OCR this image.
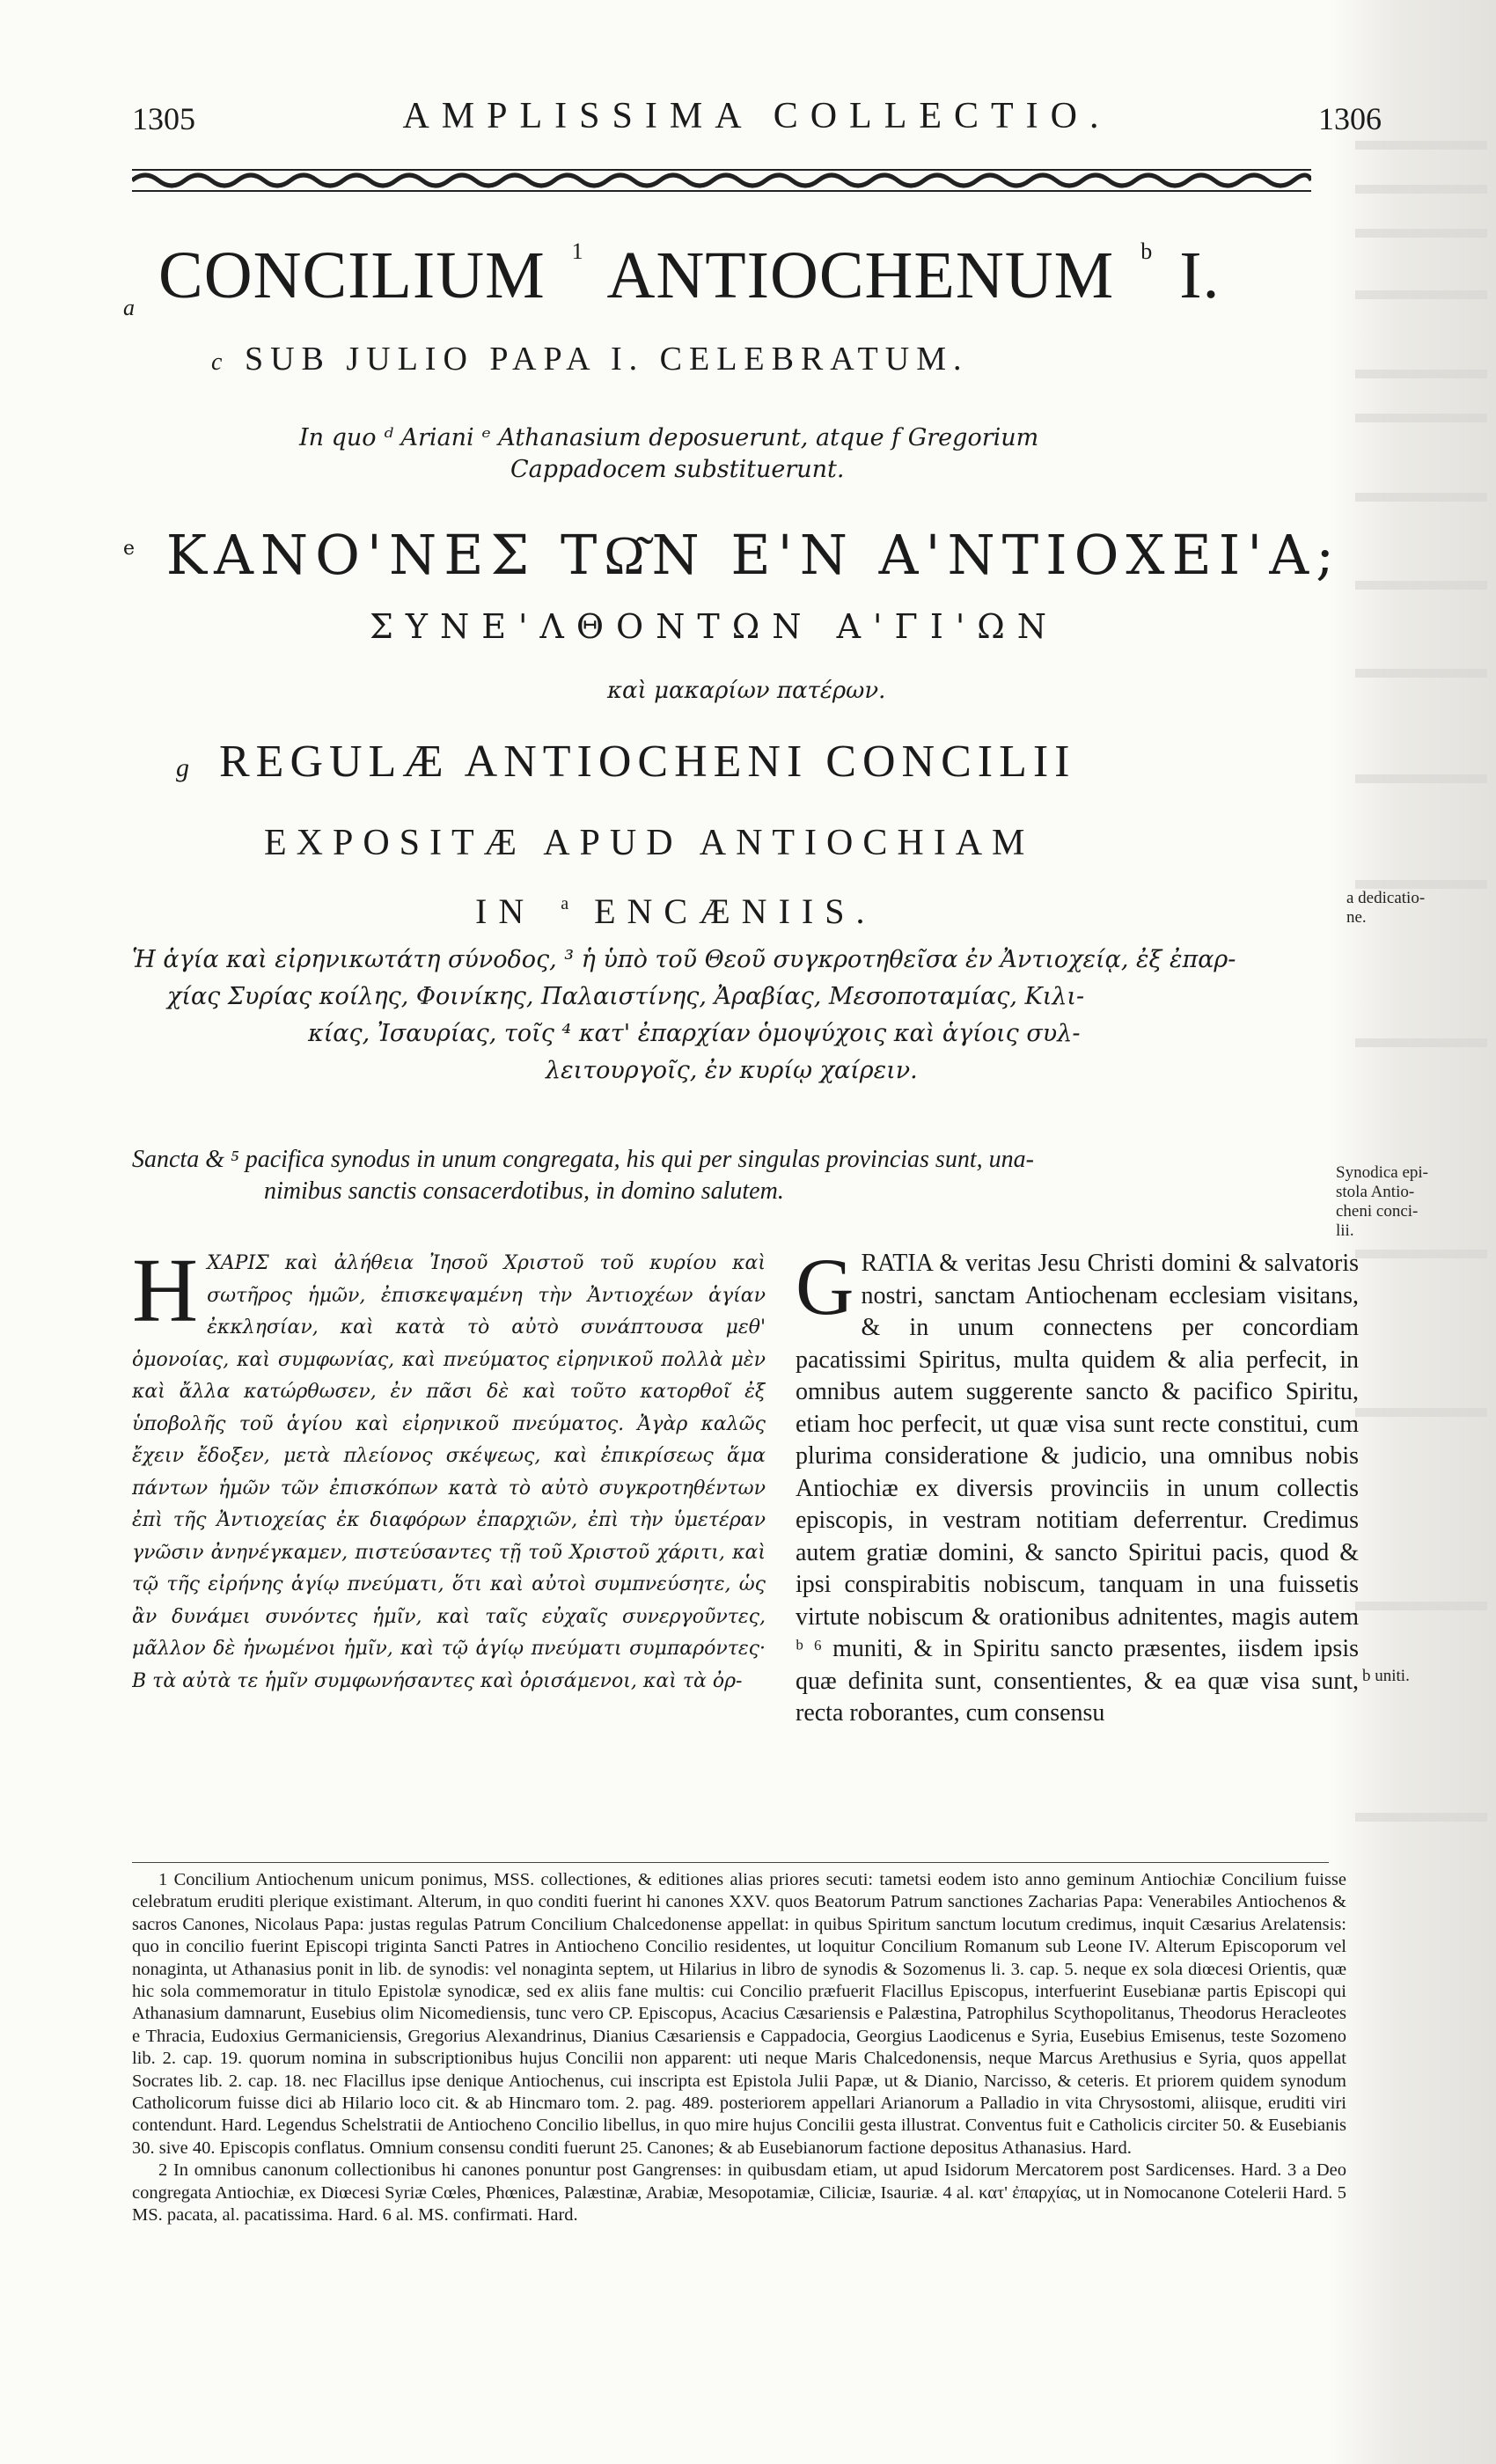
1305	AMPLISSIMA COLLECTIO.	1306
$_a$ CONCILIUM $^1$ ANTIOCHENUM $^b$ I.
c SUB JULIO PAPA I. CELEBRATUM.
In quo ᵈ Ariani ᵉ Athanasium deposuerunt, atque f Gregorium
Cappadocem substituerunt.
$^e$ ΚΑΝΟ'ΝΕΣ ΤΩ͂Ν Ε'Ν Α'ΝΤΙΟΧΕΙ'Α;
ΣΥΝΕ'ΛΘΟΝΤΩΝ Α'ΓΙ'ΩΝ
καὶ μακαρίων πατέρων.
g REGULÆ ANTIOCHENI CONCILII
EXPOSITÆ APUD ANTIOCHIAM
IN $^a$ ENCÆNIIS.	a dedicatio-
ne.
Synodica epi-
stola Antio-
cheni conci-
lii.
b uniti.

Ἡ ἁγία καὶ εἰρηνικωτάτη σύνοδος, ³ ἡ ὑπὸ τοῦ Θεοῦ συγκροτηθεῖσα ἐν Ἀντιοχείᾳ, ἐξ ἐπαρ-

χίας Συρίας κοίλης, Φοινίκης, Παλαιστίνης, Ἀραβίας, Μεσοποταμίας, Κιλι-

κίας, Ἰσαυρίας, τοῖς ⁴ κατ' ἐπαρχίαν ὁμοψύχοις καὶ ἁγίοις συλ-

λειτουργοῖς, ἐν κυρίῳ χαίρειν.

Sancta & ⁵ pacifica synodus in unum congregata, his qui per singulas provincias sunt, una-

nimibus sanctis consacerdotibus, in domino salutem.

H ΧΑΡΙΣ καὶ ἀλήθεια Ἰησοῦ Χριστοῦ τοῦ κυρίου καὶ σωτῆρος ἡμῶν, ἐπισκεψαμένη τὴν Ἀντιοχέων ἁγίαν ἐκκλησίαν, καὶ κατὰ τὸ αὐτὸ συνάπτουσα μεθ' ὁμονοίας, καὶ συμφωνίας, καὶ πνεύματος εἰρηνικοῦ πολλὰ μὲν καὶ ἄλλα κατώρθωσεν, ἐν πᾶσι δὲ καὶ τοῦτο κατορθοῖ ἐξ ὑποβολῆς τοῦ ἁγίου καὶ εἰρηνικοῦ πνεύματος. Ἀγὰρ καλῶς ἔχειν ἔδοξεν, μετὰ πλείονος σκέψεως, καὶ ἐπικρίσεως ἅμα πάντων ἡμῶν τῶν ἐπισκόπων κατὰ τὸ αὐτὸ συγκροτηθέντων ἐπὶ τῆς Ἀντιοχείας ἐκ διαφόρων ἐπαρχιῶν, ἐπὶ τὴν ὑμετέραν γνῶσιν ἀνηνέγκαμεν, πιστεύσαντες τῇ τοῦ Χριστοῦ χάριτι, καὶ τῷ τῆς εἰρήνης ἁγίῳ πνεύματι, ὅτι καὶ αὐτοὶ συμπνεύσητε, ὡς ἂν δυνάμει συνόντες ἡμῖν, καὶ ταῖς εὐχαῖς συνεργοῦντες, μᾶλλον δὲ ἡνωμένοι ἡμῖν, καὶ τῷ ἁγίῳ πνεύματι συμπαρόντες· B τὰ αὐτὰ τε ἡμῖν συμφωνήσαντες καὶ ὁρισάμενοι, καὶ τὰ ὀρ-

G RATIA & veritas Jesu Christi domini & salvatoris nostri, sanctam Antiochenam ecclesiam visitans, & in unum connectens per concordiam pacatissimi Spiritus, multa quidem & alia perfecit, in omnibus autem suggerente sancto & pacifico Spiritu, etiam hoc perfecit, ut quæ visa sunt recte constitui, cum plurima consideratione & judicio, una omnibus nobis Antiochiæ ex diversis provinciis in unum collectis episcopis, in vestram notitiam deferrentur. Credimus autem gratiæ domini, & sancto Spiritui pacis, quod & ipsi conspirabitis nobiscum, tanquam in una fuissetis virtute nobiscum & orationibus adnitentes, magis autem ᵇ ⁶ muniti, & in Spiritu sancto præsentes, iisdem ipsis quæ definita sunt, consentientes, & ea quæ visa sunt, recta roborantes, cum consensu

1 Concilium Antiochenum unicum ponimus, MSS. collectiones, & editiones alias priores secuti: tametsi eodem isto anno geminum Antiochiæ Concilium fuisse celebratum eruditi plerique existimant. Alterum, in quo conditi fuerint hi canones XXV. quos Beatorum Patrum sanctiones Zacharias Papa: Venerabiles Antiochenos & sacros Canones, Nicolaus Papa: justas regulas Patrum Concilium Chalcedonense appellat: in quibus Spiritum sanctum locutum credimus, inquit Cæsarius Arelatensis: quo in concilio fuerint Episcopi triginta Sancti Patres in Antiocheno Concilio residentes, ut loquitur Concilium Romanum sub Leone IV. Alterum Episcoporum vel nonaginta, ut Athanasius ponit in lib. de synodis: vel nonaginta septem, ut Hilarius in libro de synodis & Sozomenus li. 3. cap. 5. neque ex sola diœcesi Orientis, quæ hic sola commemoratur in titulo Epistolæ synodicæ, sed ex aliis fane multis: cui Concilio præfuerit Flacillus Episcopus, interfuerint Eusebianæ partis Episcopi qui Athanasium damnarunt, Eusebius olim Nicomediensis, tunc vero CP. Episcopus, Acacius Cæsariensis e Palæstina, Patrophilus Scythopolitanus, Theodorus Heracleotes e Thracia, Eudoxius Germaniciensis, Gregorius Alexandrinus, Dianius Cæsariensis e Cappadocia, Georgius Laodicenus e Syria, Eusebius Emisenus, teste Sozomeno lib. 2. cap. 19. quorum nomina in subscriptionibus hujus Concilii non apparent: uti neque Maris Chalcedonensis, neque Marcus Arethusius e Syria, quos appellat Socrates lib. 2. cap. 18. nec Flacillus ipse denique Antiochenus, cui inscripta est Epistola Julii Papæ, ut & Dianio, Narcisso, & ceteris. Et priorem quidem synodum Catholicorum fuisse dici ab Hilario loco cit. & ab Hincmaro tom. 2. pag. 489. posteriorem appellari Arianorum a Palladio in vita Chrysostomi, aliisque, eruditi viri contendunt. Hard. Legendus Schelstratii de Antiocheno Concilio libellus, in quo mire hujus Concilii gesta illustrat. Conventus fuit e Catholicis circiter 50. & Eusebianis 30. sive 40. Episcopis conflatus. Omnium consensu conditi fuerunt 25. Canones; & ab Eusebianorum factione depositus Athanasius. Hard.

2 In omnibus canonum collectionibus hi canones ponuntur post Gangrenses: in quibusdam etiam, ut apud Isidorum Mercatorem post Sardicenses. Hard. 3 a Deo congregata Antiochiæ, ex Diœcesi Syriæ Cœles, Phœnices, Palæstinæ, Arabiæ, Mesopotamiæ, Ciliciæ, Isauriæ. 4 al. κατ' ἐπαρχίας, ut in Nomocanone Cotelerii Hard. 5 MS. pacata, al. pacatissima. Hard. 6 al. MS. confirmati. Hard.
